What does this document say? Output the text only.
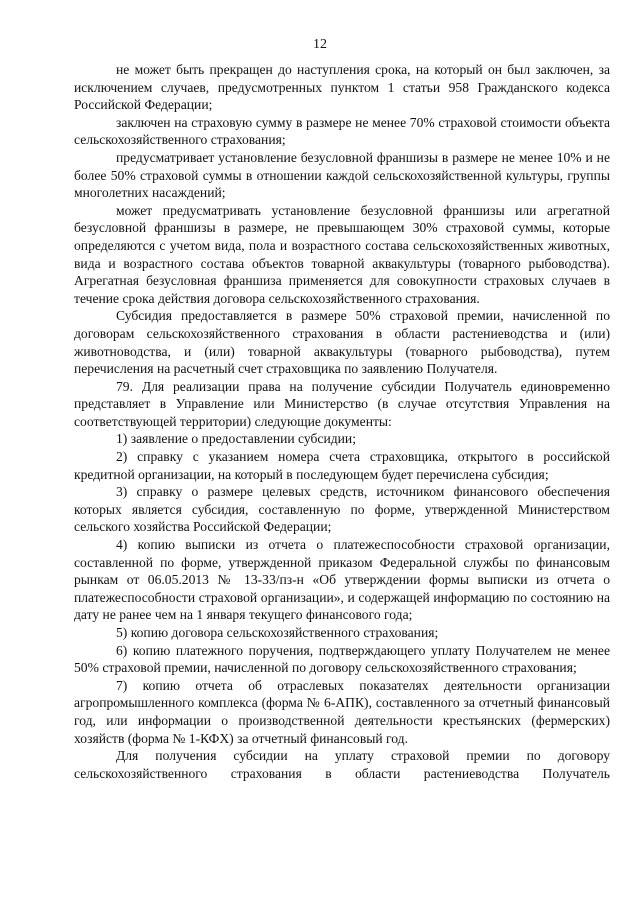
12

не может быть прекращен до наступления срока, на который он был заключен, за исключением случаев, предусмотренных пунктом 1 статьи 958 Гражданского кодекса Российской Федерации;

заключен на страховую сумму в размере не менее 70% страховой стоимости объекта сельскохозяйственного страхования;

предусматривает установление безусловной франшизы в размере не менее 10% и не более 50% страховой суммы в отношении каждой сельскохозяйственной культуры, группы многолетних насаждений;

может предусматривать установление безусловной франшизы или агрегатной безусловной франшизы в размере, не превышающем 30% страховой суммы, которые определяются с учетом вида, пола и возрастного состава сельскохозяйственных животных, вида и возрастного состава объектов товарной аквакультуры (товарного рыбоводства). Агрегатная безусловная франшиза применяется для совокупности страховых случаев в течение срока действия договора сельскохозяйственного страхования.

Субсидия предоставляется в размере 50% страховой премии, начисленной по договорам сельскохозяйственного страхования в области растениеводства и (или) животноводства, и (или) товарной аквакультуры (товарного рыбоводства), путем перечисления на расчетный счет страховщика по заявлению Получателя.

79. Для реализации права на получение субсидии Получатель единовременно представляет в Управление или Министерство (в случае отсутствия Управления на соответствующей территории) следующие документы:

1) заявление о предоставлении субсидии;

2) справку с указанием номера счета страховщика, открытого в российской кредитной организации, на который в последующем будет перечислена субсидия;

3) справку о размере целевых средств, источником финансового обеспечения которых является субсидия, составленную по форме, утвержденной Министерством сельского хозяйства Российской Федерации;

4) копию выписки из отчета о платежеспособности страховой организации, составленной по форме, утвержденной приказом Федеральной службы по финансовым рынкам от 06.05.2013 № 13-33/пз-н «Об утверждении формы выписки из отчета о платежеспособности страховой организации», и содержащей информацию по состоянию на дату не ранее чем на 1 января текущего финансового года;

5) копию договора сельскохозяйственного страхования;

6) копию платежного поручения, подтверждающего уплату Получателем не менее 50% страховой премии, начисленной по договору сельскохозяйственного страхования;

7) копию отчета об отраслевых показателях деятельности организации агропромышленного комплекса (форма № 6-АПК), составленного за отчетный финансовый год, или информации о производственной деятельности крестьянских (фермерских) хозяйств (форма № 1-КФХ) за отчетный финансовый год.

Для получения субсидии на уплату страховой премии по договору сельскохозяйственного страхования в области растениеводства Получатель
